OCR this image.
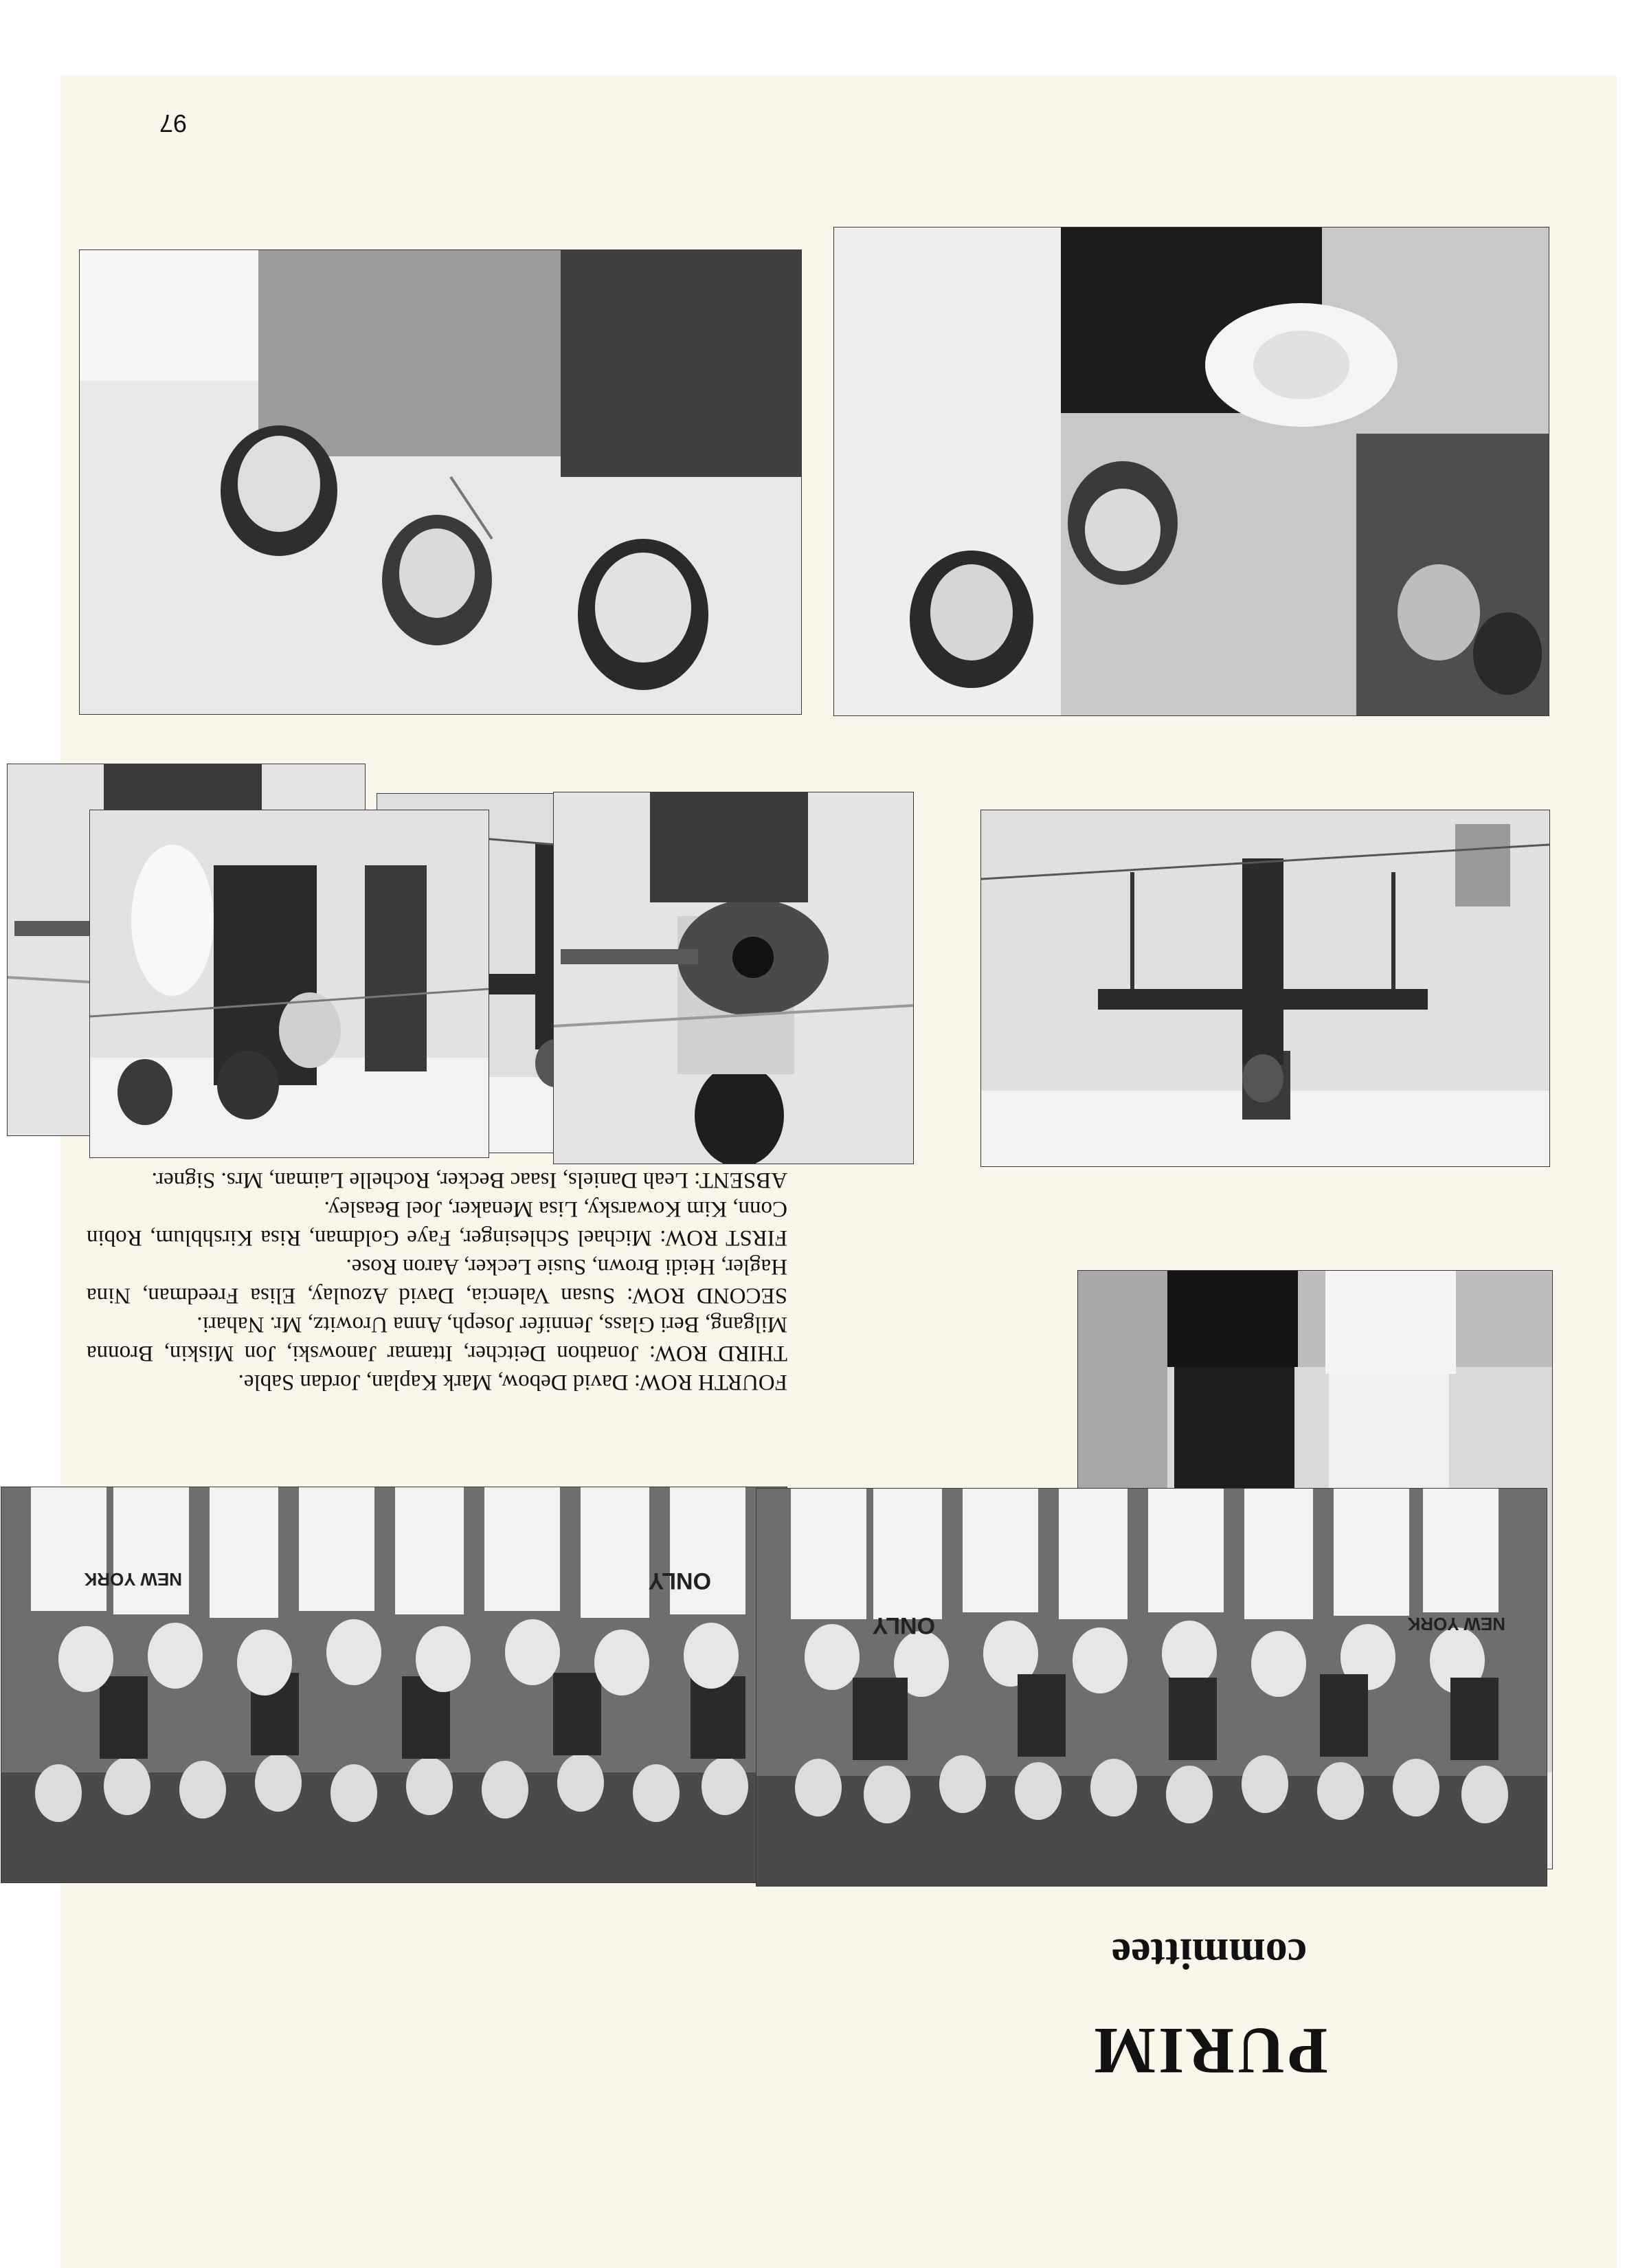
PURIM
committee
ONLY
NEW YORK

FOURTH ROW: David Debow, Mark Kaplan, Jordan Sable.

THIRD ROW: Jonathon Deitcher, Ittamar Janowski, Jon Miskin, Bronna Milgang, Beri Glass, Jennifer Joseph, Anna Urowitz, Mr. Nahari.

SECOND ROW: Susan Valencia, David Azoulay, Elisa Freedman, Nina Hagler, Heidi Brown, Susie Lecker, Aaron Rose.

FIRST ROW: Michael Schlesinger, Faye Goldman, Risa Kirshblum, Robin Conn, Kim Kowarsky, Lisa Menaker, Joel Beasley.

ABSENT: Leah Daniels, Isaac Becker, Rochelle Laiman, Mrs. Signer.

97
ONLY	NEW YORK
